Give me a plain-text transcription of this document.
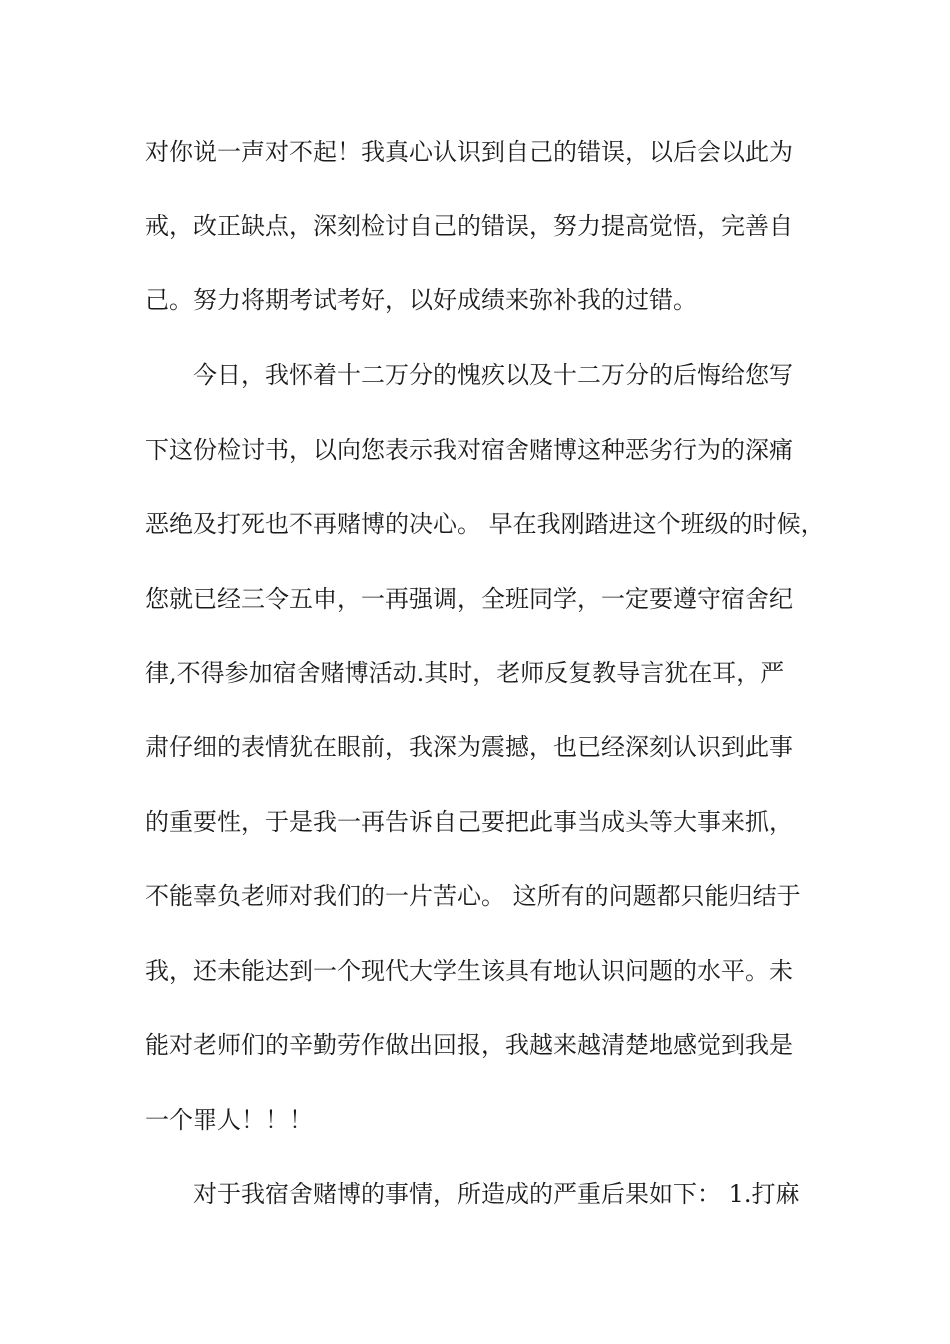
对你说一声对不起！我真心认识到自己的错误，以后会以此为
戒，改正缺点，深刻检讨自己的错误，努力提高觉悟，完善自
己。努力将期考试考好，以好成绩来弥补我的过错。
今日，我怀着十二万分的愧疚以及十二万分的后悔给您写
下这份检讨书，以向您表示我对宿舍赌博这种恶劣行为的深痛
恶绝及打死也不再赌博的决心。 早在我刚踏进这个班级的时候，
您就已经三令五申，一再强调，全班同学，一定要遵守宿舍纪
律,不得参加宿舍赌博活动.其时，老师反复教导言犹在耳，严
肃仔细的表情犹在眼前，我深为震撼，也已经深刻认识到此事
的重要性，于是我一再告诉自己要把此事当成头等大事来抓，
不能辜负老师对我们的一片苦心。 这所有的问题都只能归结于
我，还未能达到一个现代大学生该具有地认识问题的水平。未
能对老师们的辛勤劳作做出回报，我越来越清楚地感觉到我是
一个罪人！！！
对于我宿舍赌博的事情，所造成的严重后果如下： 1.打麻
